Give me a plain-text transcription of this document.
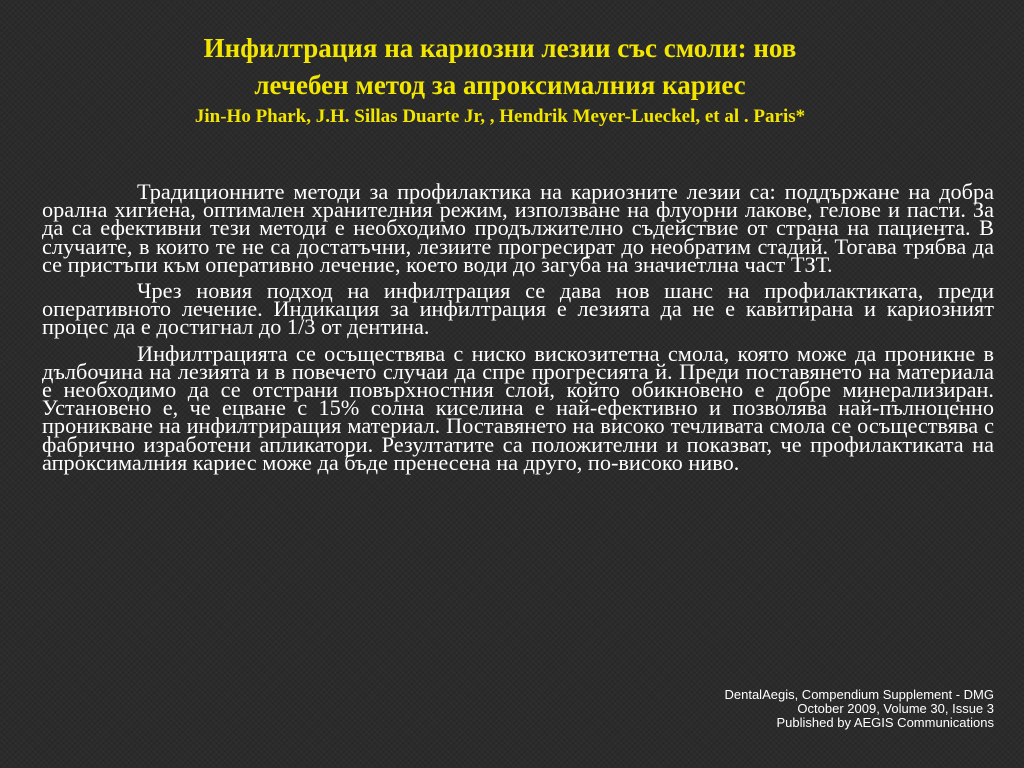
Инфилтрация на кариозни лезии със смоли: нов
лечебен метод за апроксималния кариес
Jin-Ho Phark, J.H. Sillas Duarte Jr, , Hendrik Meyer-Lueckel, et al . Paris*

Традиционните методи за профилактика на кариозните лезии са: поддържане на добра орална хигиена, оптимален хранителния режим, използване на флуорни лакове, гелове и пасти. За да са ефективни тези методи е необходимо продължително съдействие от страна на пациента. В случаите, в които те не са достатъчни, лезиите прогресират до необратим стадий. Тогава трябва да се пристъпи към оперативно лечение, което води до загуба на значиетлна част ТЗТ.

Чрез новия подход на инфилтрация се дава нов шанс на профилактиката, преди оперативното лечение. Индикация за инфилтрация е лезията да не е кавитирана и кариозният процес да е достигнал до 1/3 от дентина.

Инфилтрацията се осъществява с ниско вискозитетна смола, която може да проникне в дълбочина на лезията и в повечето случаи да спре прогресията й. Преди поставянето на материала е необходимо да се отстрани повърхностния слой, който обикновено е добре минерализиран. Установено е, че ецване с 15% солна киселина е най-ефективно и позволява най-пълноценно проникване на инфилтриращия материал. Поставянето на високо течливата смола се осъществява с фабрично изработени апликатори. Резултатите са положителни и показват, че профилактиката на апроксималния кариес може да бъде пренесена на друго, по-високо ниво.

DentalAegis, Compendium Supplement - DMG
October 2009, Volume 30, Issue 3
Published by AEGIS Communications
